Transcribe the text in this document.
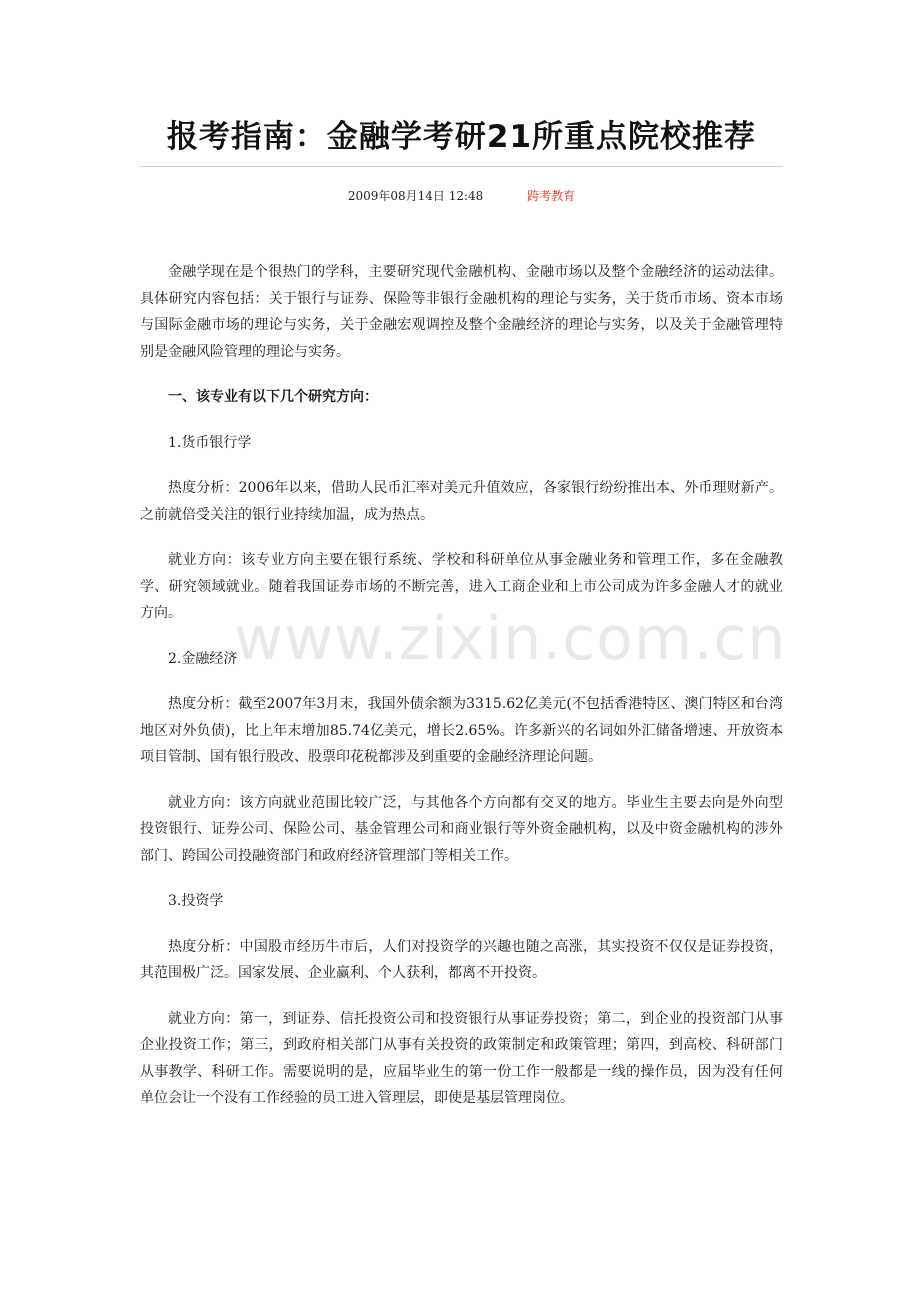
报考指南：金融学考研21所重点院校推荐
2009年08月14日 12:48	跨考教育

金融学现在是个很热门的学科，主要研究现代金融机构、金融市场以及整个金融经济的运动法律。具体研究内容包括：关于银行与证券、保险等非银行金融机构的理论与实务，关于货币市场、资本市场与国际金融市场的理论与实务，关于金融宏观调控及整个金融经济的理论与实务，以及关于金融管理特别是金融风险管理的理论与实务。

一、该专业有以下几个研究方向：

1.货币银行学

热度分析：2006年以来，借助人民币汇率对美元升值效应，各家银行纷纷推出本、外币理财新产。之前就倍受关注的银行业持续加温，成为热点。

就业方向：该专业方向主要在银行系统、学校和科研单位从事金融业务和管理工作，多在金融教学、研究领域就业。随着我国证券市场的不断完善，进入工商企业和上市公司成为许多金融人才的就业方向。

2.金融经济

热度分析：截至2007年3月末，我国外债余额为3315.62亿美元(不包括香港特区、澳门特区和台湾地区对外负债)，比上年末增加85.74亿美元，增长2.65%。许多新兴的名词如外汇储备增速、开放资本项目管制、国有银行股改、股票印花税都涉及到重要的金融经济理论问题。

就业方向：该方向就业范围比较广泛，与其他各个方向都有交叉的地方。毕业生主要去向是外向型投资银行、证券公司、保险公司、基金管理公司和商业银行等外资金融机构，以及中资金融机构的涉外部门、跨国公司投融资部门和政府经济管理部门等相关工作。

3.投资学

热度分析：中国股市经历牛市后，人们对投资学的兴趣也随之高涨，其实投资不仅仅是证券投资，其范围极广泛。国家发展、企业赢利、个人获利，都离不开投资。

就业方向：第一，到证券、信托投资公司和投资银行从事证券投资；第二，到企业的投资部门从事企业投资工作；第三，到政府相关部门从事有关投资的政策制定和政策管理；第四，到高校、科研部门从事教学、科研工作。需要说明的是，应届毕业生的第一份工作一般都是一线的操作员，因为没有任何单位会让一个没有工作经验的员工进入管理层，即使是基层管理岗位。

www.zixin.com.cn
